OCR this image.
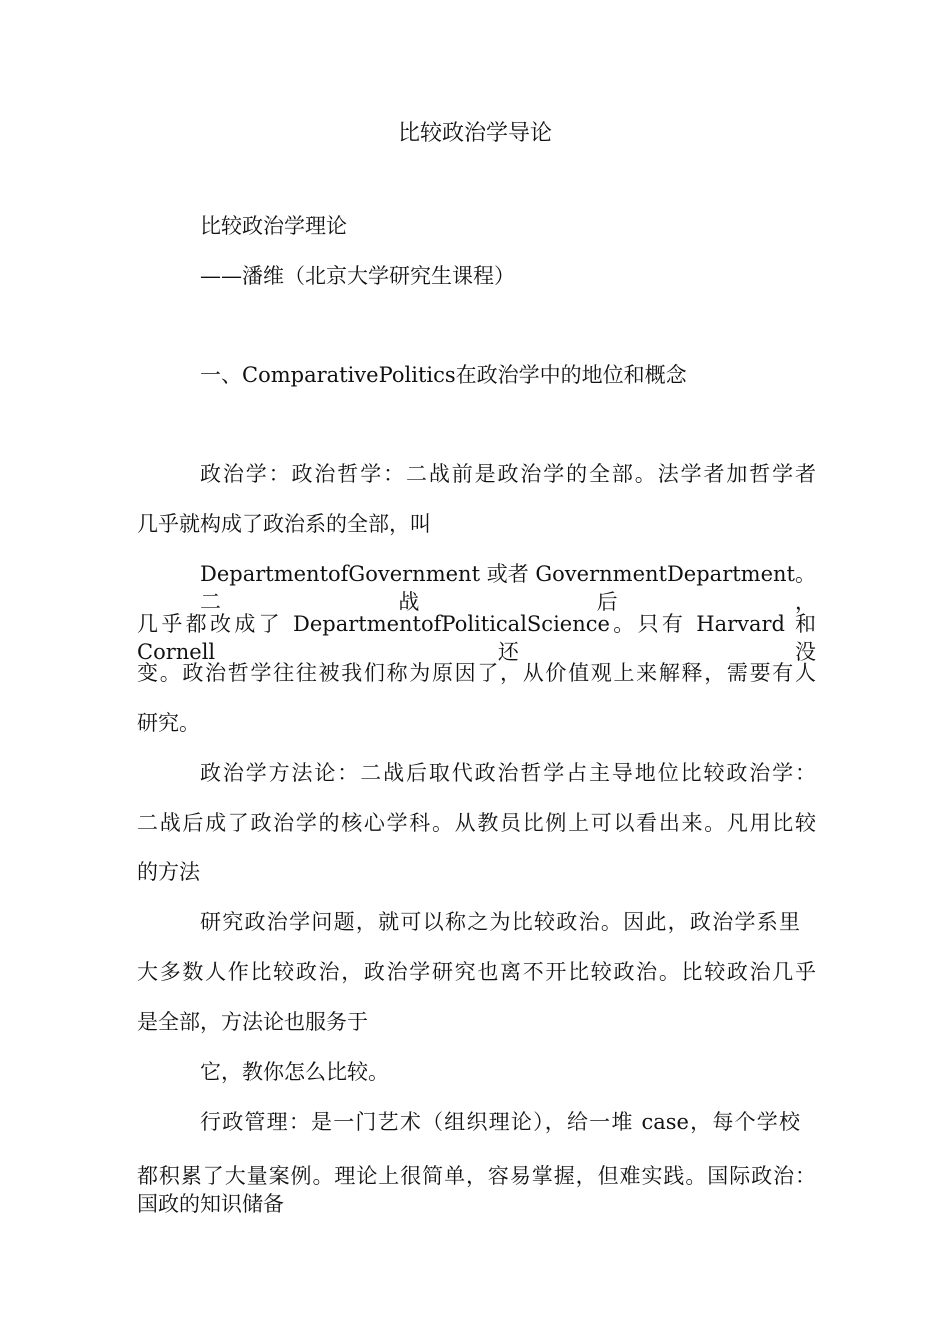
比较政治学导论
比较政治学理论
——潘维（北京大学研究生课程）
一、ComparativePolitics在政治学中的地位和概念
政治学：政治哲学：二战前是政治学的全部。法学者加哲学者
几乎就构成了政治系的全部，叫
DepartmentofGovernment 或者 GovernmentDepartment。二战后，
几乎都改成了 DepartmentofPoliticalScience。只有 Harvard 和 Cornell 还没
变。政治哲学往往被我们称为原因了，从价值观上来解释，需要有人
研究。
政治学方法论：二战后取代政治哲学占主导地位比较政治学：
二战后成了政治学的核心学科。从教员比例上可以看出来。凡用比较
的方法
研究政治学问题，就可以称之为比较政治。因此，政治学系里
大多数人作比较政治，政治学研究也离不开比较政治。比较政治几乎
是全部，方法论也服务于
它，教你怎么比较。
行政管理：是一门艺术（组织理论），给一堆 case，每个学校
都积累了大量案例。理论上很简单，容易掌握，但难实践。国际政治：
国政的知识储备
